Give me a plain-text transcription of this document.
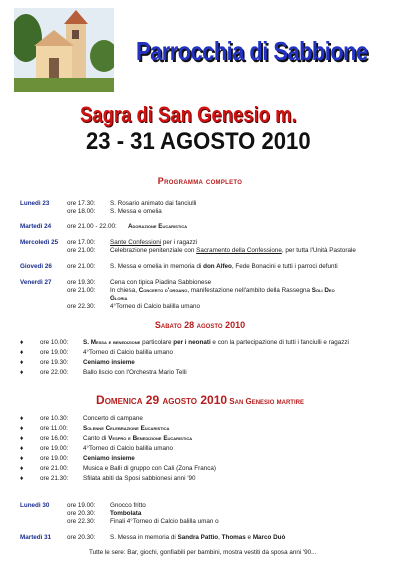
Parrocchia di Sabbione
Sagra di San Genesio m.
23 - 31 AGOSTO 2010
Programma completo
Lunedì 23	ore 17.30: S. Rosario animato dai fanciulli
ore 18.00: S. Messa e omelia
Martedì 24	ore 21.00 - 22.00: Adorazione Eucaristica
Mercoledì 25 ore 17.00: Sante Confessioni per i ragazzi
ore 21.00: Celebrazione penitenziale con Sacramento della Confessione, per tutta l'Unità Pastorale
Giovedì 26 ore 21.00: S. Messa e omelia in memoria di don Alfeo, Fede Bonacini e tutti i parroci defunti
Venerdì 27 ore 19.30: Cena con tipica Piadina Sabbionese
ore 21.00: In chiesa, Concerto d'organo, manifestazione nell'ambito della Rassegna Soli Deo
Gloria
ore 22.30: 4°Torneo di Calcio balilla umano
Sabato 28 agosto 2010
♦	ore 10.00: S. Messa e benedizione particolare per i neonati e con la partecipazione di tutti i fanciulli e ragazzi
♦	ore 19.00: 4°Torneo di Calcio balilla umano
♦	ore 19.30: Ceniamo insieme
♦	ore 22.00: Ballo liscio con l'Orchestra Mario Telli
Domenica 29 agosto 2010 San Genesio martire
♦	ore 10.30: Concerto di campane
♦	ore 11.00: Solenne Celebrazione Eucaristica
♦	ore 16.00: Canto di Vespro e Benedizione Eucaristica
♦	ore 19.00: 4°Torneo di Calcio balilla umano
♦	ore 19.00: Ceniamo insieme
♦	ore 21.00: Musica e Balli di gruppo con Cali (Zona Franca)
♦	ore 21.30: Sfilata abiti da Sposi sabbionesi anni '90
Lunedì 30	ore 19.00: Gnocco fritto
ore 20.30: Tombolata
ore 22.30: Finali 4°Torneo di Calcio balilla uman o
Martedì 31	ore 20.30: S. Messa in memoria di Sandra Pattio, Thomas e Marco Duò
Tutte le sere: Bar, giochi, gonfiabili per bambini, mostra vestiti da sposa anni '90...
